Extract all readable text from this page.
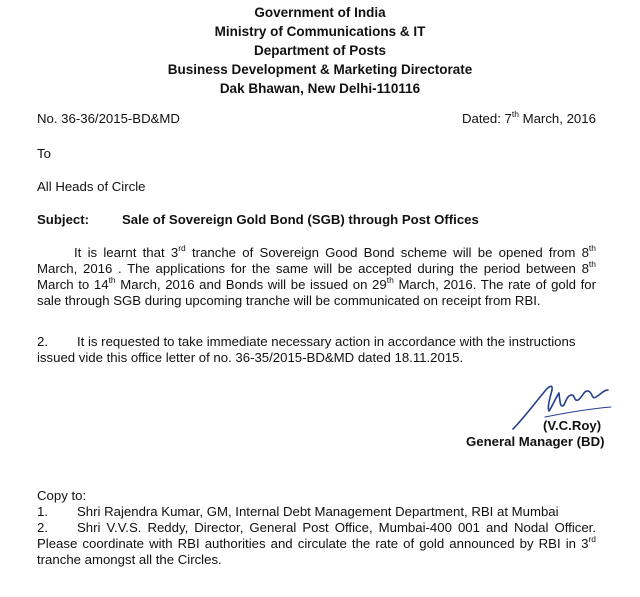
Government of India
Ministry of Communications & IT
Department of Posts
Business Development & Marketing Directorate
Dak Bhawan, New Delhi-110116
No. 36-36/2015-BD&MD	Dated: 7th March, 2016
To
All Heads of Circle
Subject: Sale of Sovereign Gold Bond (SGB) through Post Offices
It is learnt that 3rd tranche of Sovereign Good Bond scheme will be opened from 8th March, 2016 . The applications for the same will be accepted during the period between 8th March to 14th March, 2016 and Bonds will be issued on 29th March, 2016. The rate of gold for sale through SGB during upcoming tranche will be communicated on receipt from RBI.
2. It is requested to take immediate necessary action in accordance with the instructions
issued vide this office letter of no. 36-35/2015-BD&MD dated 18.11.2015.
(V.C.Roy)
General Manager (BD)
Copy to:
1. Shri Rajendra Kumar, GM, Internal Debt Management Department, RBI at Mumbai
2. Shri V.V.S. Reddy, Director, General Post Office, Mumbai-400 001 and Nodal Officer. Please coordinate with RBI authorities and circulate the rate of gold announced by RBI in 3rd tranche amongst all the Circles.
